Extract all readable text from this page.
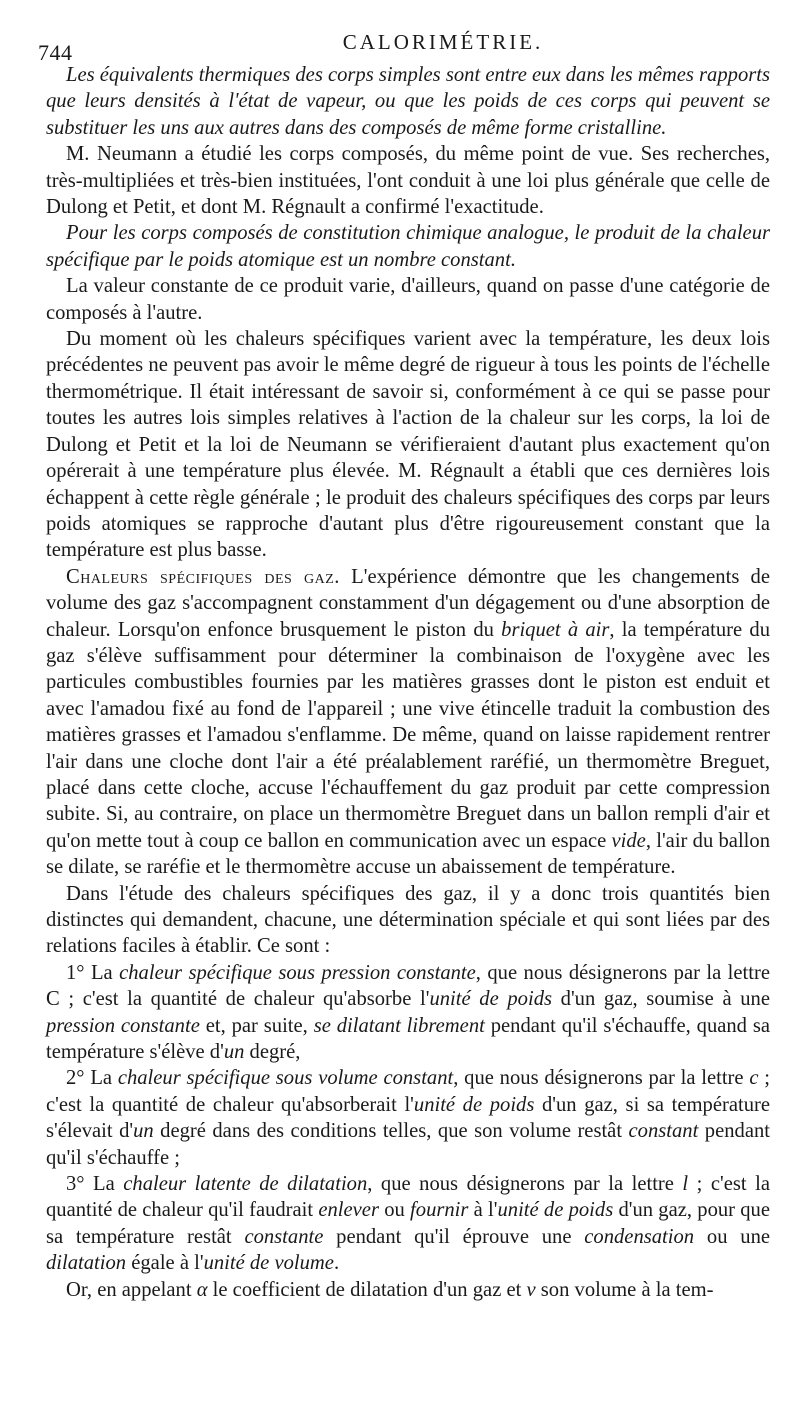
744	CALORIMÉTRIE.

Les équivalents thermiques des corps simples sont entre eux dans les mêmes rapports que leurs densités à l'état de vapeur, ou que les poids de ces corps qui peuvent se substituer les uns aux autres dans des composés de même forme cristalline.

M. Neumann a étudié les corps composés, du même point de vue. Ses recherches, très-multipliées et très-bien instituées, l'ont conduit à une loi plus générale que celle de Dulong et Petit, et dont M. Régnault a confirmé l'exactitude.

Pour les corps composés de constitution chimique analogue, le produit de la chaleur spécifique par le poids atomique est un nombre constant.

La valeur constante de ce produit varie, d'ailleurs, quand on passe d'une catégorie de composés à l'autre.

Du moment où les chaleurs spécifiques varient avec la température, les deux lois précédentes ne peuvent pas avoir le même degré de rigueur à tous les points de l'échelle thermométrique. Il était intéressant de savoir si, conformément à ce qui se passe pour toutes les autres lois simples relatives à l'action de la chaleur sur les corps, la loi de Dulong et Petit et la loi de Neumann se vérifieraient d'autant plus exactement qu'on opérerait à une température plus élevée. M. Régnault a établi que ces dernières lois échappent à cette règle générale ; le produit des chaleurs spécifiques des corps par leurs poids atomiques se rapproche d'autant plus d'être rigoureusement constant que la température est plus basse.

Chaleurs spécifiques des gaz. L'expérience démontre que les changements de volume des gaz s'accompagnent constamment d'un dégagement ou d'une absorption de chaleur. Lorsqu'on enfonce brusquement le piston du briquet à air, la température du gaz s'élève suffisamment pour déterminer la combinaison de l'oxygène avec les particules combustibles fournies par les matières grasses dont le piston est enduit et avec l'amadou fixé au fond de l'appareil ; une vive étincelle traduit la combustion des matières grasses et l'amadou s'enflamme. De même, quand on laisse rapidement rentrer l'air dans une cloche dont l'air a été préalablement raréfié, un thermomètre Breguet, placé dans cette cloche, accuse l'échauffement du gaz produit par cette compression subite. Si, au contraire, on place un thermomètre Breguet dans un ballon rempli d'air et qu'on mette tout à coup ce ballon en communication avec un espace vide, l'air du ballon se dilate, se raréfie et le thermomètre accuse un abaissement de température.

Dans l'étude des chaleurs spécifiques des gaz, il y a donc trois quantités bien distinctes qui demandent, chacune, une détermination spéciale et qui sont liées par des relations faciles à établir. Ce sont :

1° La chaleur spécifique sous pression constante, que nous désignerons par la lettre C ; c'est la quantité de chaleur qu'absorbe l'unité de poids d'un gaz, soumise à une pression constante et, par suite, se dilatant librement pendant qu'il s'échauffe, quand sa température s'élève d'un degré,

2° La chaleur spécifique sous volume constant, que nous désignerons par la lettre c ; c'est la quantité de chaleur qu'absorberait l'unité de poids d'un gaz, si sa température s'élevait d'un degré dans des conditions telles, que son volume restât constant pendant qu'il s'échauffe ;

3° La chaleur latente de dilatation, que nous désignerons par la lettre l ; c'est la quantité de chaleur qu'il faudrait enlever ou fournir à l'unité de poids d'un gaz, pour que sa température restât constante pendant qu'il éprouve une condensation ou une dilatation égale à l'unité de volume.

Or, en appelant α le coefficient de dilatation d'un gaz et v son volume à la tem-
